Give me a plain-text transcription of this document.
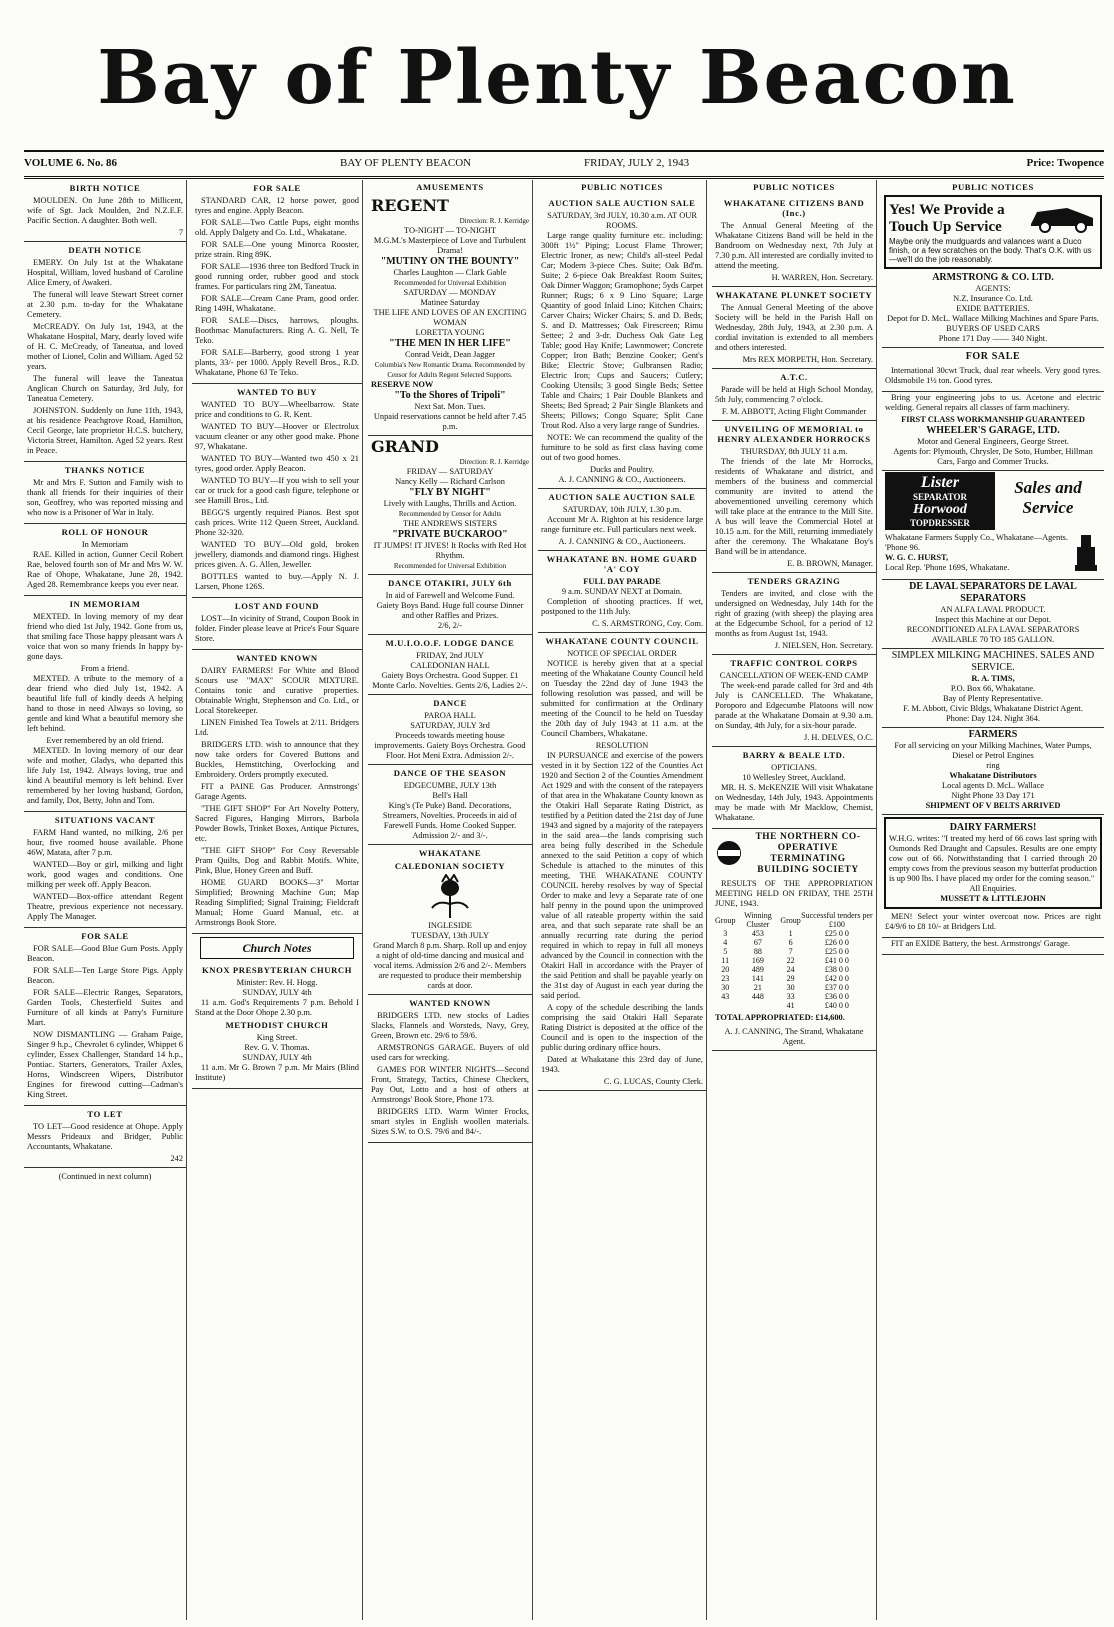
Bay of Plenty Beacon
VOLUME 6. No. 86	BAY OF PLENTY BEACON	FRIDAY, JULY 2, 1943	Price: Twopence
BIRTH NOTICE

MOULDEN. On June 28th to Millicent, wife of Sgt. Jack Moulden, 2nd N.Z.E.F. Pacific Section. A daughter. Both well.

7
DEATH NOTICE

EMERY. On July 1st at the Whakatane Hospital, William, loved husband of Caroline Alice Emery, of Awakeri.

The funeral will leave Stewart Street corner at 2.30 p.m. to-day for the Whakatane Cemetery.

McCREADY. On July 1st, 1943, at the Whakatane Hospital, Mary, dearly loved wife of H. C. McCready, of Taneatua, and loved mother of Lionel, Colin and William. Aged 52 years.

The funeral will leave the Taneatua Anglican Church on Saturday, 3rd July, for Taneatua Cemetery.

JOHNSTON. Suddenly on June 11th, 1943, at his residence Peachgrove Road, Hamilton, Cecil George, late proprietor H.C.S. butchery, Victoria Street, Hamilton. Aged 52 years. Rest in Peace.

THANKS NOTICE

Mr and Mrs F. Sutton and Family wish to thank all friends for their inquiries of their son, Geoffrey, who was reported missing and who now is a Prisoner of War in Italy.

ROLL OF HONOUR
In Memoriam

RAE. Killed in action, Gunner Cecil Robert Rae, beloved fourth son of Mr and Mrs W. W. Rae of Ohope, Whakatane, June 28, 1942. Aged 28. Remembrance keeps you ever near.

IN MEMORIAM

MEXTED. In loving memory of my dear friend who died 1st July, 1942. Gone from us, that smiling face Those happy pleasant wars A voice that won so many friends In happy by-gone days.

From a friend.

MEXTED. A tribute to the memory of a dear friend who died July 1st, 1942. A beautiful life full of kindly deeds A helping hand to those in need Always so loving, so gentle and kind What a beautiful memory she left behind.

Ever remembered by an old friend.

MEXTED. In loving memory of our dear wife and mother, Gladys, who departed this life July 1st, 1942. Always loving, true and kind A beautiful memory is left behind. Ever remembered by her loving husband, Gordon, and family, Dot, Betty, John and Tom.

SITUATIONS VACANT

FARM Hand wanted, no milking, 2/6 per hour, five roomed house available. Phone 46W, Matata, after 7 p.m.

WANTED—Boy or girl, milking and light work, good wages and conditions. One milking per week off. Apply Beacon.

WANTED—Box-office attendant Regent Theatre, previous experience not necessary. Apply The Manager.

FOR SALE

FOR SALE—Good Blue Gum Posts. Apply Beacon.

FOR SALE—Ten Large Store Pigs. Apply Beacon.

FOR SALE—Electric Ranges, Separators, Garden Tools, Chesterfield Suites and Furniture of all kinds at Parry's Furniture Mart.

NOW DISMANTLING — Graham Paige, Singer 9 h.p., Chevrolet 6 cylinder, Whippet 6 cylinder, Essex Challenger, Standard 14 h.p., Pontiac. Starters, Generators, Trailer Axles, Horns, Windscreen Wipers, Distributor Engines for firewood cutting—Cadman's King Street.

TO LET

TO LET—Good residence at Ohope. Apply Messrs Prideaux and Bridger, Public Accountants, Whakatane.

242
(Continued in next column)
FOR SALE

STANDARD CAR, 12 horse power, good tyres and engine. Apply Beacon.

FOR SALE—Two Cattle Pups, eight months old. Apply Dalgety and Co. Ltd., Whakatane.

FOR SALE—One young Minorca Rooster, prize strain. Ring 89K.

FOR SALE—1936 three ton Bedford Truck in good running order, rubber good and stock frames. For particulars ring 2M, Taneatua.

FOR SALE—Cream Cane Pram, good order. Ring 149H, Whakatane.

FOR SALE—Discs, harrows, ploughs. Boothmac Manufacturers. Ring A. G. Nell, Te Teko.

FOR SALE—Barberry, good strong 1 year plants, 33/- per 1000. Apply Revell Bros., R.D. Whakatane, Phone 6J Te Teko.

WANTED TO BUY

WANTED TO BUY—Wheelbarrow. State price and conditions to G. R. Kent.

WANTED TO BUY—Hoover or Electrolux vacuum cleaner or any other good make. Phone 97, Whakatane.

WANTED TO BUY—Wanted two 450 x 21 tyres, good order. Apply Beacon.

WANTED TO BUY—If you wish to sell your car or truck for a good cash figure, telephone or see Hamill Bros., Ltd.

BEGG'S urgently required Pianos. Best spot cash prices. Write 112 Queen Street, Auckland. Phone 32-320.

WANTED TO BUY—Old gold, broken jewellery, diamonds and diamond rings. Highest prices given. A. G. Allen, Jeweller.

BOTTLES wanted to buy.—Apply N. J. Larsen, Phone 126S.

LOST AND FOUND

LOST—In vicinity of Strand, Coupon Book in folder. Finder please leave at Price's Four Square Store.

WANTED KNOWN

DAIRY FARMERS! For White and Blood Scours use "MAX" SCOUR MIXTURE. Contains tonic and curative properties. Obtainable Wright, Stephenson and Co. Ltd., or Local Storekeeper.

LINEN Finished Tea Towels at 2/11. Bridgers Ltd.

BRIDGERS LTD. wish to announce that they now take orders for Covered Buttons and Buckles, Hemstitching, Overlocking and Embroidery. Orders promptly executed.

FIT a PAINE Gas Producer. Armstrongs' Garage Agents.

"THE GIFT SHOP" For Art Novelty Pottery, Sacred Figures, Hanging Mirrors, Barbola Powder Bowls, Trinket Boxes, Antique Pictures, etc.

"THE GIFT SHOP" For Cosy Reversable Pram Quilts, Dog and Rabbit Motifs. White, Pink, Blue, Honey Green and Buff.

HOME GUARD BOOKS—3" Mortar Simplified; Browning Machine Gun; Map Reading Simplified; Signal Training; Fieldcraft Manual; Home Guard Manual, etc. at Armstrongs Book Store.

Church Notes
KNOX PRESBYTERIAN CHURCH
Minister: Rev. H. Hogg.
SUNDAY, JULY 4th

11 a.m. God's Requirements 7 p.m. Behold I Stand at the Door Ohope 2.30 p.m.

METHODIST CHURCH
King Street.
Rev. G. V. Thomas.
SUNDAY, JULY 4th

11 a.m. Mr G. Brown 7 p.m. Mr Mairs (Blind Institute)

AMUSEMENTS
REGENT
Direction: R. J. Kerridge
TO-NIGHT — TO-NIGHT
M.G.M.'s Masterpiece of Love and Turbulent Drama!
"MUTINY ON THE BOUNTY"
Charles Laughton — Clark Gable
Recommended for Universal Exhibition
SATURDAY — MONDAY
Matinee Saturday
THE LIFE AND LOVES OF AN EXCITING WOMAN
LORETTA YOUNG
"THE MEN IN HER LIFE"
Conrad Veidt, Dean Jagger
Columbia's New Romantic Drama. Recommended by Censor for Adults Regent Selected Supports.
RESERVE NOW
"To the Shores of Tripoli"
Next Sat. Mon. Tues.
Unpaid reservations cannot be held after 7.45 p.m.
GRAND
Direction: R. J. Kerridge
FRIDAY — SATURDAY
Nancy Kelly — Richard Carlson
"FLY BY NIGHT"
Lively with Laughs, Thrills and Action.
Recommended by Censor for Adults
THE ANDREWS SISTERS
"PRIVATE BUCKAROO"
IT JUMPS! IT JIVES! It Rocks with Red Hot Rhythm.
Recommended for Universal Exhibition
DANCE OTAKIRI, JULY 6th
In aid of Farewell and Welcome Fund.
Gaiety Boys Band. Huge full course Dinner and other Raffles and Prizes.
2/6, 2/-
M.U.I.O.O.F. LODGE DANCE
FRIDAY, 2nd JULY
CALEDONIAN HALL
Gaiety Boys Orchestra. Good Supper. £1 Monte Carlo. Novelties. Gents 2/6, Ladies 2/-.
DANCE
PAROA HALL
SATURDAY, JULY 3rd
Proceeds towards meeting house improvements. Gaiety Boys Orchestra. Good Floor. Hot Meni Extra. Admission 2/-.
DANCE OF THE SEASON
EDGECUMBE, JULY 13th
Bell's Hall
King's (Te Puke) Band. Decorations, Streamers, Novelties. Proceeds in aid of Farewell Funds. Home Cooked Supper. Admission 2/- and 3/-.
WHAKATANE
CALEDONIAN SOCIETY
INGLESIDE
TUESDAY, 13th JULY
Grand March 8 p.m. Sharp. Roll up and enjoy a night of old-time dancing and musical and vocal items. Admission 2/6 and 2/-. Members are requested to produce their membership cards at door.
WANTED KNOWN

BRIDGERS LTD. new stocks of Ladies Slacks, Flannels and Worsteds, Navy, Grey, Green, Brown etc. 29/6 to 59/6.

ARMSTRONGS GARAGE. Buyers of old used cars for wrecking.

GAMES FOR WINTER NIGHTS—Second Front, Strategy, Tactics, Chinese Checkers, Pay Out, Lotto and a host of others at Armstrongs' Book Store, Phone 173.

BRIDGERS LTD. Warm Winter Frocks, smart styles in English woollen materials. Sizes S.W. to O.S. 79/6 and 84/-.

PUBLIC NOTICES
AUCTION SALE AUCTION SALE
SATURDAY, 3rd JULY, 10.30 a.m. AT OUR ROOMS.

Large range quality furniture etc. including: 300ft 1½" Piping; Locust Flame Thrower; Electric Ironer, as new; Child's all-steel Pedal Car; Modern 3-piece Ches. Suite; Oak Bd'm. Suite; 2 6-piece Oak Breakfast Room Suites; Oak Dinner Waggon; Gramophone; 5yds Carpet Runner; Rugs; 6 x 9 Lino Square; Large Quantity of good Inlaid Lino; Kitchen Chairs; Carver Chairs; Wicker Chairs; S. and D. Beds; S. and D. Mattresses; Oak Firescreen; Rimu Settee; 2 and 3-dr. Duchess Oak Gate Leg Table; good Hay Knife; Lawnmower; Concrete Copper; Iron Bath; Benzine Cooker; Gent's Bike; Electric Stove; Gulbransen Radio; Electric Iron; Cups and Saucers; Cutlery; Cooking Utensils; 3 good Single Beds; Settee Table and Chairs; 1 Pair Double Blankets and Sheets; Bed Spread; 2 Pair Single Blankets and Sheets; Pillows; Congo Square; Split Cane Trout Rod. Also a very large range of Sundries.

NOTE: We can recommend the quality of the furniture to be sold as first class having come out of two good homes.

Ducks and Poultry.
A. J. CANNING & CO., Auctioneers.
AUCTION SALE AUCTION SALE
SATURDAY, 10th JULY, 1.30 p.m.

Account Mr A. Righton at his residence large range furniture etc. Full particulars next week.

A. J. CANNING & CO., Auctioneers.
WHAKATANE BN. HOME GUARD 'A' COY
FULL DAY PARADE
9 a.m. SUNDAY NEXT at Domain.

Completion of shooting practices. If wet, postponed to the 11th July.

C. S. ARMSTRONG, Coy. Com.
WHAKATANE COUNTY COUNCIL
NOTICE OF SPECIAL ORDER

NOTICE is hereby given that at a special meeting of the Whakatane County Council held on Tuesday the 22nd day of June 1943 the following resolution was passed, and will be submitted for confirmation at the Ordinary meeting of the Council to be held on Tuesday the 20th day of July 1943 at 11 a.m. at the Council Chambers, Whakatane.

RESOLUTION

IN PURSUANCE and exercise of the powers vested in it by Section 122 of the Counties Act 1920 and Section 2 of the Counties Amendment Act 1929 and with the consent of the ratepayers of that area in the Whakatane County known as the Otakiri Hall Separate Rating District, as testified by a Petition dated the 21st day of June 1943 and signed by a majority of the ratepayers in the said area—the lands comprising such area being fully described in the Schedule annexed to the said Petition a copy of which Schedule is attached to the minutes of this meeting, THE WHAKATANE COUNTY COUNCIL hereby resolves by way of Special Order to make and levy a Separate rate of one half penny in the pound upon the unimproved value of all rateable property within the said area, and that such separate rate shall be an annually recurring rate during the period required in which to repay in full all moneys advanced by the Council in connection with the Otakiri Hall in accordance with the Prayer of the said Petition and shall be payable yearly on the 31st day of August in each year during the said period.

A copy of the schedule describing the lands comprising the said Otakiri Hall Separate Rating District is deposited at the office of the Council and is open to the inspection of the public during ordinary office hours.

Dated at Whakatane this 23rd day of June, 1943.

C. G. LUCAS, County Clerk.
PUBLIC NOTICES
WHAKATANE CITIZENS BAND (Inc.)

The Annual General Meeting of the Whakatane Citizens Band will be held in the Bandroom on Wednesday next, 7th July at 7.30 p.m. All interested are cordially invited to attend the meeting.

H. WARREN, Hon. Secretary.
WHAKATANE PLUNKET SOCIETY

The Annual General Meeting of the above Society will be held in the Parish Hall on Wednesday, 28th July, 1943, at 2.30 p.m. A cordial invitation is extended to all members and others interested.

Mrs REX MORPETH, Hon. Secretary.
A.T.C.

Parade will be held at High School Monday, 5th July, commencing 7 o'clock.

F. M. ABBOTT, Acting Flight Commander
UNVEILING OF MEMORIAL to HENRY ALEXANDER HORROCKS
THURSDAY, 8th JULY 11 a.m.

The friends of the late Mr Horrocks, residents of Whakatane and district, and members of the business and commercial community are invited to attend the abovementioned unveiling ceremony which will take place at the entrance to the Mill Site. A bus will leave the Commercial Hotel at 10.15 a.m. for the Mill, returning immediately after the ceremony. The Whakatane Boy's Band will be in attendance.

E. B. BROWN, Manager.
TENDERS GRAZING

Tenders are invited, and close with the undersigned on Wednesday, July 14th for the right of grazing (with sheep) the playing area at the Edgecumbe School, for a period of 12 months as from August 1st, 1943.

J. NIELSEN, Hon. Secretary.
TRAFFIC CONTROL CORPS
CANCELLATION OF WEEK-END CAMP

The week-end parade called for 3rd and 4th July is CANCELLED. The Whakatane, Poroporo and Edgecumbe Platoons will now parade at the Whakatane Domain at 9.30 a.m. on Sunday, 4th July, for a six-hour parade.

J. H. DELVES, O.C.
BARRY & BEALE LTD.
OPTICIANS.
10 Wellesley Street, Auckland.

MR. H. S. McKENZIE Will visit Whakatane on Wednesday, 14th July, 1943. Appointments may be made with Mr Macklow, Chemist, Whakatane.

THE NORTHERN CO-OPERATIVE TERMINATING BUILDING SOCIETY

RESULTS OF THE APPROPRIATION MEETING HELD ON FRIDAY, THE 25TH JUNE, 1943.

Group	Winning Cluster	Group	Successful tenders per £100
3	453	1	£25 0 0
4	67	6	£26 0 0
5	88	7	£25 0 0
11	169	22	£41 0 0
20	489	24	£38 0 0
23	141	29	£42 0 0
30	21	30	£37 0 0
43	448	33	£36 0 0
		41	£40 0 0
TOTAL APPROPRIATED: £14,600.
A. J. CANNING, The Strand, Whakatane Agent.
PUBLIC NOTICES
Yes! We Provide a Touch Up Service
Maybe only the mudguards and valances want a Duco finish, or a few scratches on the body. That's O.K. with us—we'll do the job reasonably.
ARMSTRONG & CO. LTD.
AGENTS:
N.Z. Insurance Co. Ltd.
EXIDE BATTERIES.
Depot for D. McL. Wallace Milking Machines and Spare Parts.
BUYERS OF USED CARS
Phone 171 Day —— 340 Night.
FOR SALE

International 30cwt Truck, dual rear wheels. Very good tyres. Oldsmobile 1½ ton. Good tyres.

Bring your engineering jobs to us. Acetone and electric welding. General repairs all classes of farm machinery.

FIRST CLASS WORKMANSHIP GUARANTEED
WHEELER'S GARAGE, LTD.
Motor and General Engineers, George Street.
Agents for: Plymouth, Chrysler, De Soto, Humber, Hillman Cars, Fargo and Commer Trucks.
Lister
SEPARATOR
Horwood
TOPDRESSER
Sales and Service
Whakatane Farmers Supply Co., Whakatane—Agents. 'Phone 96.
W. G. C. HURST,
Local Rep. 'Phone 169S, Whakatane.
DE LAVAL SEPARATORS DE LAVAL SEPARATORS
AN ALFA LAVAL PRODUCT.
Inspect this Machine at our Depot.
RECONDITIONED ALFA LAVAL SEPARATORS AVAILABLE 70 TO 185 GALLON.
SIMPLEX MILKING MACHINES. SALES AND SERVICE.
R. A. TIMS,
P.O. Box 66, Whakatane.
Bay of Plenty Representative.
F. M. Abbott, Civic Bldgs, Whakatane District Agent.
Phone: Day 124. Night 364.
FARMERS
For all servicing on your Milking Machines, Water Pumps, Diesel or Petrol Engines
ring
Whakatane Distributors
Local agents D. McL. Wallace
Night Phone 33 Day 171
SHIPMENT OF V BELTS ARRIVED
DAIRY FARMERS!

W.H.G. writes: "I treated my herd of 66 cows last spring with Osmonds Red Draught and Capsules. Results are one empty cow out of 66. Notwithstanding that I carried through 20 empty cows from the previous season my butterfat production is up 900 lbs. I have placed my order for the coming season."

All Enquiries.
MUSSETT & LITTLEJOHN

MEN! Select your winter overcoat now. Prices are right £4/9/6 to £8 10/- at Bridgers Ltd.

FIT an EXIDE Battery, the best. Armstrongs' Garage.
